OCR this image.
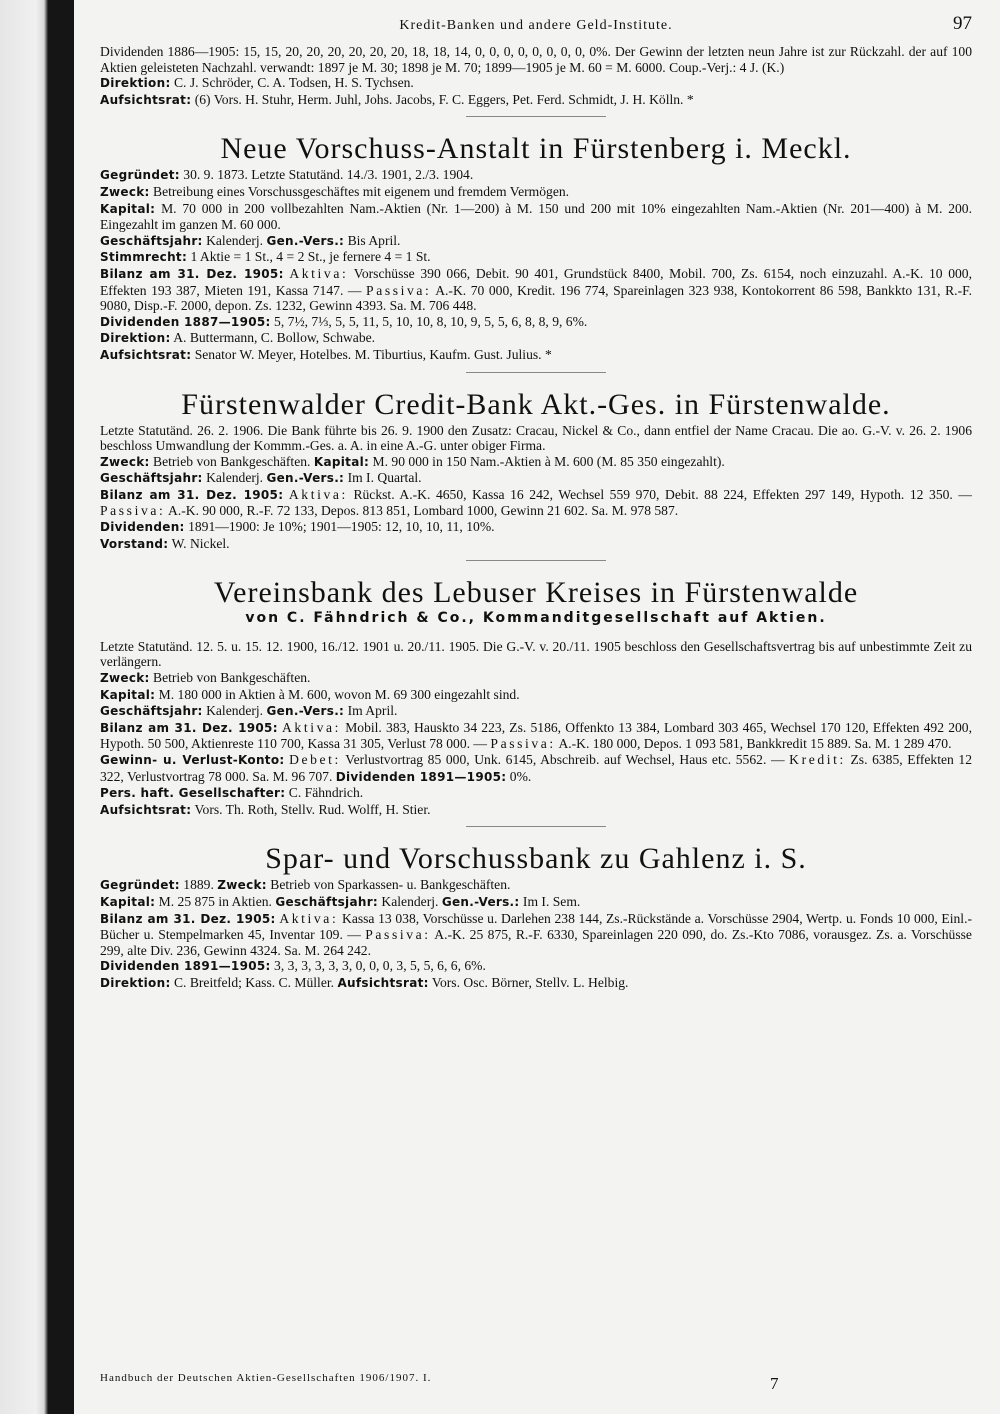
Kredit-Banken und andere Geld-Institute.	97

Dividenden 1886—1905: 15, 15, 20, 20, 20, 20, 20, 20, 18, 18, 14, 0, 0, 0, 0, 0, 0, 0, 0, 0%. Der Gewinn der letzten neun Jahre ist zur Rückzahl. der auf 100 Aktien geleisteten Nachzahl. verwandt: 1897 je M. 30; 1898 je M. 70; 1899—1905 je M. 60 = M. 6000. Coup.-Verj.: 4 J. (K.)

Direktion: C. J. Schröder, C. A. Todsen, H. S. Tychsen.

Aufsichtsrat: (6) Vors. H. Stuhr, Herm. Juhl, Johs. Jacobs, F. C. Eggers, Pet. Ferd. Schmidt, J. H. Kölln. *

Neue Vorschuss-Anstalt in Fürstenberg i. Meckl.

Gegründet: 30. 9. 1873. Letzte Statutänd. 14./3. 1901, 2./3. 1904.

Zweck: Betreibung eines Vorschussgeschäftes mit eigenem und fremdem Vermögen.

Kapital: M. 70 000 in 200 vollbezahlten Nam.-Aktien (Nr. 1—200) à M. 150 und 200 mit 10% eingezahlten Nam.-Aktien (Nr. 201—400) à M. 200. Eingezahlt im ganzen M. 60 000.

Geschäftsjahr: Kalenderj. Gen.-Vers.: Bis April.

Stimmrecht: 1 Aktie = 1 St., 4 = 2 St., je fernere 4 = 1 St.

Bilanz am 31. Dez. 1905: Aktiva: Vorschüsse 390 066, Debit. 90 401, Grundstück 8400, Mobil. 700, Zs. 6154, noch einzuzahl. A.-K. 10 000, Effekten 193 387, Mieten 191, Kassa 7147. — Passiva: A.-K. 70 000, Kredit. 196 774, Spareinlagen 323 938, Kontokorrent 86 598, Bankkto 131, R.-F. 9080, Disp.-F. 2000, depon. Zs. 1232, Gewinn 4393. Sa. M. 706 448.

Dividenden 1887—1905: 5, 7½, 7⅓, 5, 5, 11, 5, 10, 10, 8, 10, 9, 5, 5, 6, 8, 8, 9, 6%.

Direktion: A. Buttermann, C. Bollow, Schwabe.

Aufsichtsrat: Senator W. Meyer, Hotelbes. M. Tiburtius, Kaufm. Gust. Julius. *

Fürstenwalder Credit-Bank Akt.-Ges. in Fürstenwalde.

Letzte Statutänd. 26. 2. 1906. Die Bank führte bis 26. 9. 1900 den Zusatz: Cracau, Nickel & Co., dann entfiel der Name Cracau. Die ao. G.-V. v. 26. 2. 1906 beschloss Umwandlung der Kommm.-Ges. a. A. in eine A.-G. unter obiger Firma.

Zweck: Betrieb von Bankgeschäften. Kapital: M. 90 000 in 150 Nam.-Aktien à M. 600 (M. 85 350 eingezahlt).

Geschäftsjahr: Kalenderj. Gen.-Vers.: Im I. Quartal.

Bilanz am 31. Dez. 1905: Aktiva: Rückst. A.-K. 4650, Kassa 16 242, Wechsel 559 970, Debit. 88 224, Effekten 297 149, Hypoth. 12 350. — Passiva: A.-K. 90 000, R.-F. 72 133, Depos. 813 851, Lombard 1000, Gewinn 21 602. Sa. M. 978 587.

Dividenden: 1891—1900: Je 10%; 1901—1905: 12, 10, 10, 11, 10%.

Vorstand: W. Nickel.

Vereinsbank des Lebuser Kreises in Fürstenwalde

von C. Fähndrich & Co., Kommanditgesellschaft auf Aktien.

Letzte Statutänd. 12. 5. u. 15. 12. 1900, 16./12. 1901 u. 20./11. 1905. Die G.-V. v. 20./11. 1905 beschloss den Gesellschaftsvertrag bis auf unbestimmte Zeit zu verlängern.

Zweck: Betrieb von Bankgeschäften.

Kapital: M. 180 000 in Aktien à M. 600, wovon M. 69 300 eingezahlt sind.

Geschäftsjahr: Kalenderj. Gen.-Vers.: Im April.

Bilanz am 31. Dez. 1905: Aktiva: Mobil. 383, Hauskto 34 223, Zs. 5186, Offenkto 13 384, Lombard 303 465, Wechsel 170 120, Effekten 492 200, Hypoth. 50 500, Aktienreste 110 700, Kassa 31 305, Verlust 78 000. — Passiva: A.-K. 180 000, Depos. 1 093 581, Bankkredit 15 889. Sa. M. 1 289 470.

Gewinn- u. Verlust-Konto: Debet: Verlustvortrag 85 000, Unk. 6145, Abschreib. auf Wechsel, Haus etc. 5562. — Kredit: Zs. 6385, Effekten 12 322, Verlustvortrag 78 000. Sa. M. 96 707. Dividenden 1891—1905: 0%.

Pers. haft. Gesellschafter: C. Fähndrich.

Aufsichtsrat: Vors. Th. Roth, Stellv. Rud. Wolff, H. Stier.

Spar- und Vorschussbank zu Gahlenz i. S.

Gegründet: 1889. Zweck: Betrieb von Sparkassen- u. Bankgeschäften.

Kapital: M. 25 875 in Aktien. Geschäftsjahr: Kalenderj. Gen.-Vers.: Im I. Sem.

Bilanz am 31. Dez. 1905: Aktiva: Kassa 13 038, Vorschüsse u. Darlehen 238 144, Zs.-Rückstände a. Vorschüsse 2904, Wertp. u. Fonds 10 000, Einl.-Bücher u. Stempelmarken 45, Inventar 109. — Passiva: A.-K. 25 875, R.-F. 6330, Spareinlagen 220 090, do. Zs.-Kto 7086, vorausgez. Zs. a. Vorschüsse 299, alte Div. 236, Gewinn 4324. Sa. M. 264 242.

Dividenden 1891—1905: 3, 3, 3, 3, 3, 3, 0, 0, 0, 3, 5, 5, 6, 6, 6%.

Direktion: C. Breitfeld; Kass. C. Müller. Aufsichtsrat: Vors. Osc. Börner, Stellv. L. Helbig.

Handbuch der Deutschen Aktien-Gesellschaften 1906/1907. I.	7
